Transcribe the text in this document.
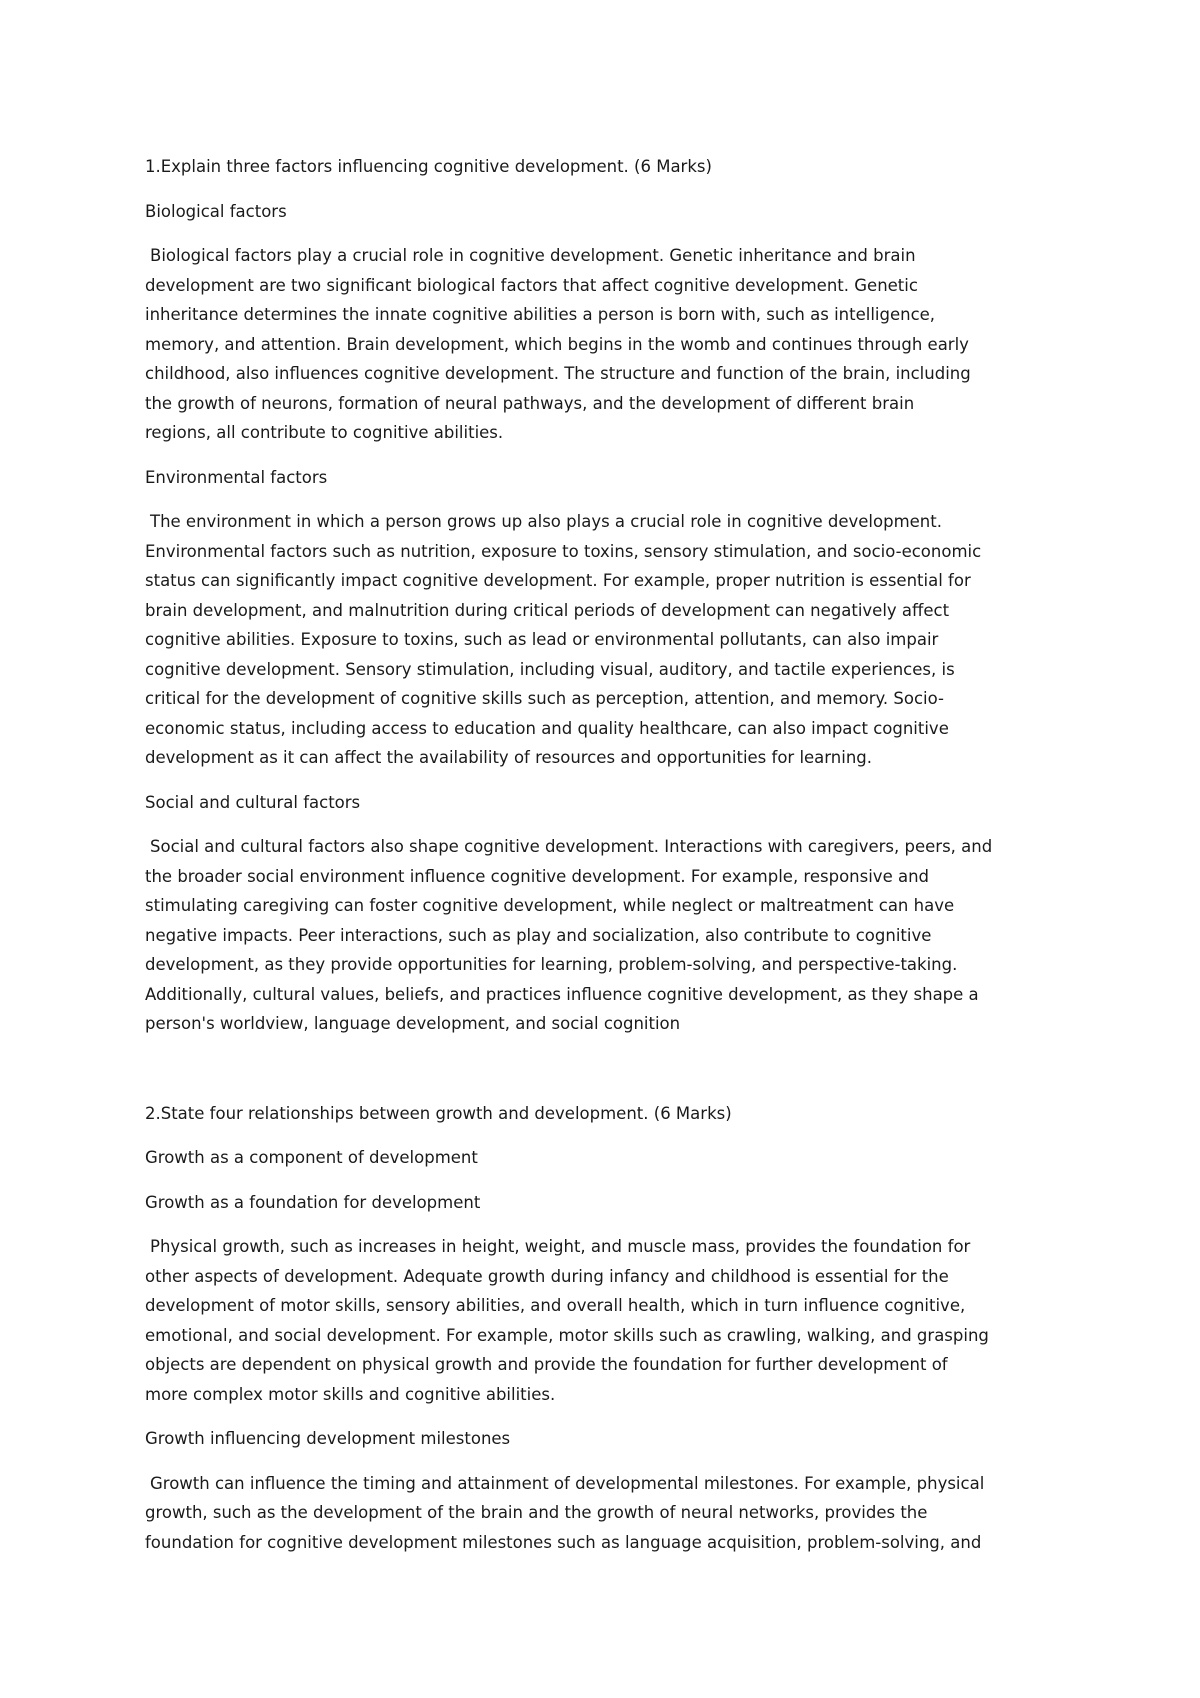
1.Explain three factors influencing cognitive development. (6 Marks)

Biological factors

Biological factors play a crucial role in cognitive development. Genetic inheritance and brain

development are two significant biological factors that affect cognitive development. Genetic

inheritance determines the innate cognitive abilities a person is born with, such as intelligence,

memory, and attention. Brain development, which begins in the womb and continues through early

childhood, also influences cognitive development. The structure and function of the brain, including

the growth of neurons, formation of neural pathways, and the development of different brain

regions, all contribute to cognitive abilities.

Environmental factors

The environment in which a person grows up also plays a crucial role in cognitive development.

Environmental factors such as nutrition, exposure to toxins, sensory stimulation, and socio-economic

status can significantly impact cognitive development. For example, proper nutrition is essential for

brain development, and malnutrition during critical periods of development can negatively affect

cognitive abilities. Exposure to toxins, such as lead or environmental pollutants, can also impair

cognitive development. Sensory stimulation, including visual, auditory, and tactile experiences, is

critical for the development of cognitive skills such as perception, attention, and memory. Socio-

economic status, including access to education and quality healthcare, can also impact cognitive

development as it can affect the availability of resources and opportunities for learning.

Social and cultural factors

Social and cultural factors also shape cognitive development. Interactions with caregivers, peers, and

the broader social environment influence cognitive development. For example, responsive and

stimulating caregiving can foster cognitive development, while neglect or maltreatment can have

negative impacts. Peer interactions, such as play and socialization, also contribute to cognitive

development, as they provide opportunities for learning, problem-solving, and perspective-taking.

Additionally, cultural values, beliefs, and practices influence cognitive development, as they shape a

person's worldview, language development, and social cognition

2.State four relationships between growth and development. (6 Marks)

Growth as a component of development

Growth as a foundation for development

Physical growth, such as increases in height, weight, and muscle mass, provides the foundation for

other aspects of development. Adequate growth during infancy and childhood is essential for the

development of motor skills, sensory abilities, and overall health, which in turn influence cognitive,

emotional, and social development. For example, motor skills such as crawling, walking, and grasping

objects are dependent on physical growth and provide the foundation for further development of

more complex motor skills and cognitive abilities.

Growth influencing development milestones

Growth can influence the timing and attainment of developmental milestones. For example, physical

growth, such as the development of the brain and the growth of neural networks, provides the

foundation for cognitive development milestones such as language acquisition, problem-solving, and
